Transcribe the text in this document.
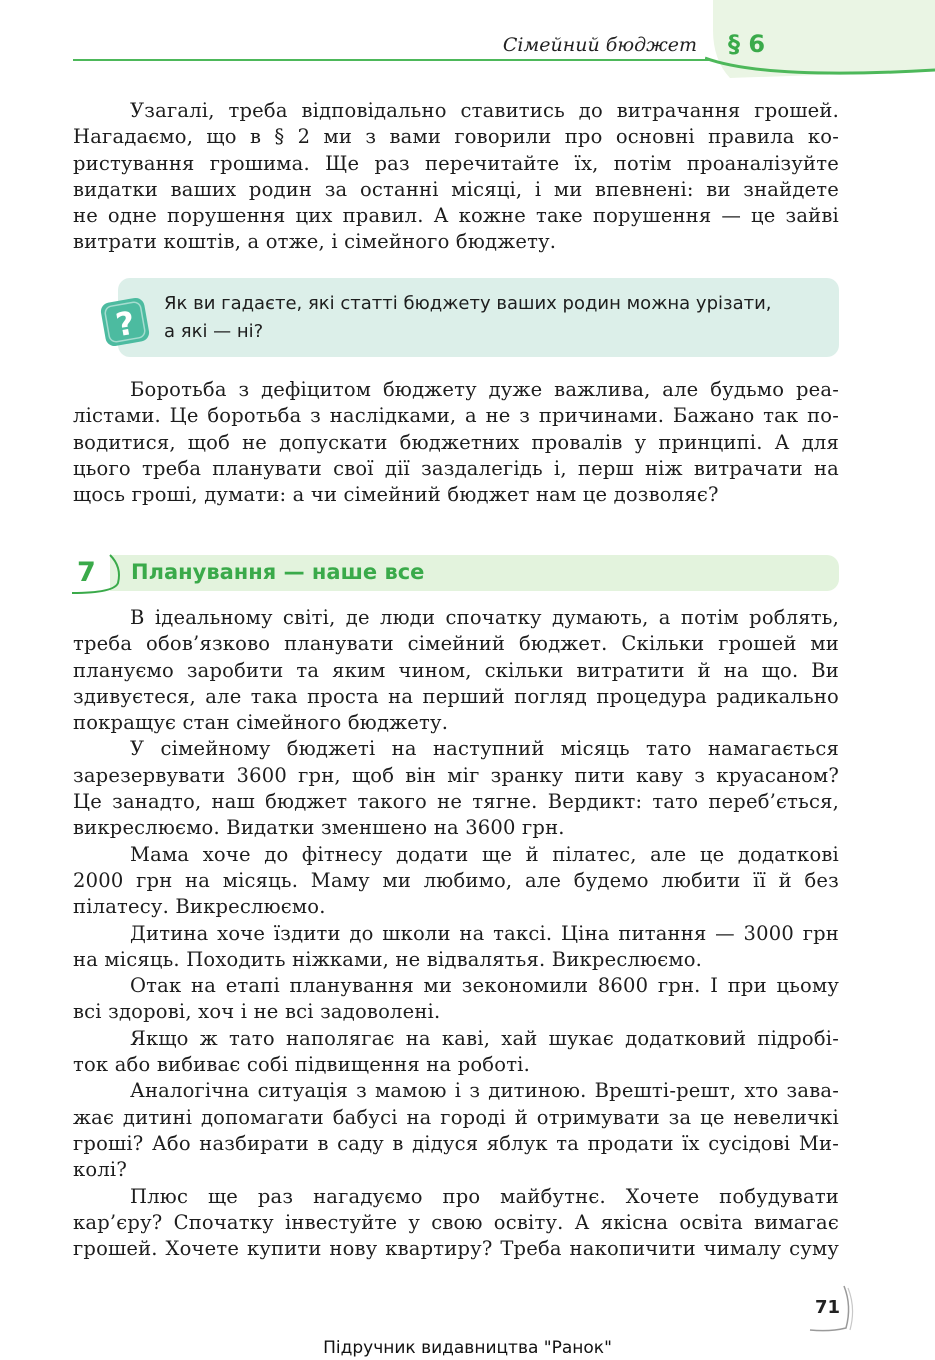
Сімейний бюджет § 6
Узагалі, треба відповідально ставитись до витрачання грошей.
Нагадаємо, що в § 2 ми з вами говорили про основні правила ко-
ристування грошима. Ще раз перечитайте їх, потім проаналізуйте
видатки ваших родин за останні місяці, і ми впевнені: ви знайдете
не одне порушення цих правил. А кожне таке порушення — це зайві
витрати коштів, а отже, і сімейного бюджету.
?
Як ви гадаєте, які статті бюджету ваших родин можна урізати,
а які — ні?
Боротьба з дефіцитом бюджету дуже важлива, але будьмо реа-
лістами. Це боротьба з наслідками, а не з причинами. Бажано так по-
водитися, щоб не допускати бюджетних провалів у принципі. А для
цього треба планувати свої дії заздалегідь і, перш ніж витрачати на
щось гроші, думати: а чи сімейний бюджет нам це дозволяє?
7 Планування — наше все
В ідеальному світі, де люди спочатку думають, а потім роблять,
треба обов’язково планувати сімейний бюджет. Скільки грошей ми
плануємо заробити та яким чином, скільки витратити й на що. Ви
здивуєтеся, але така проста на перший погляд процедура радикально
покращує стан сімейного бюджету.
У сімейному бюджеті на наступний місяць тато намагається
зарезервувати 3600 грн, щоб він міг зранку пити каву з круасаном?
Це занадто, наш бюджет такого не тягне. Вердикт: тато переб’ється,
викреслюємо. Видатки зменшено на 3600 грн.
Мама хоче до фітнесу додати ще й пілатес, але це додаткові
2000 грн на місяць. Маму ми любимо, але будемо любити її й без
пілатесу. Викреслюємо.
Дитина хоче їздити до школи на таксі. Ціна питання — 3000 грн
на місяць. Походить ніжками, не відвалятья. Викреслюємо.
Отак на етапі планування ми зекономили 8600 грн. І при цьому
всі здорові, хоч і не всі задоволені.
Якщо ж тато наполягає на каві, хай шукає додатковий підробі-
ток або вибиває собі підвищення на роботі.
Аналогічна ситуація з мамою і з дитиною. Врешті-решт, хто зава-
жає дитині допомагати бабусі на городі й отримувати за це невеличкі
гроші? Або назбирати в саду в дідуся яблук та продати їх сусідові Ми-
колі?
Плюс ще раз нагадуємо про майбутнє. Хочете побудувати
кар’єру? Спочатку інвестуйте у свою освіту. А якісна освіта вимагає
грошей. Хочете купити нову квартиру? Треба накопичити чималу суму
71
Підручник видавництва "Ранок"
